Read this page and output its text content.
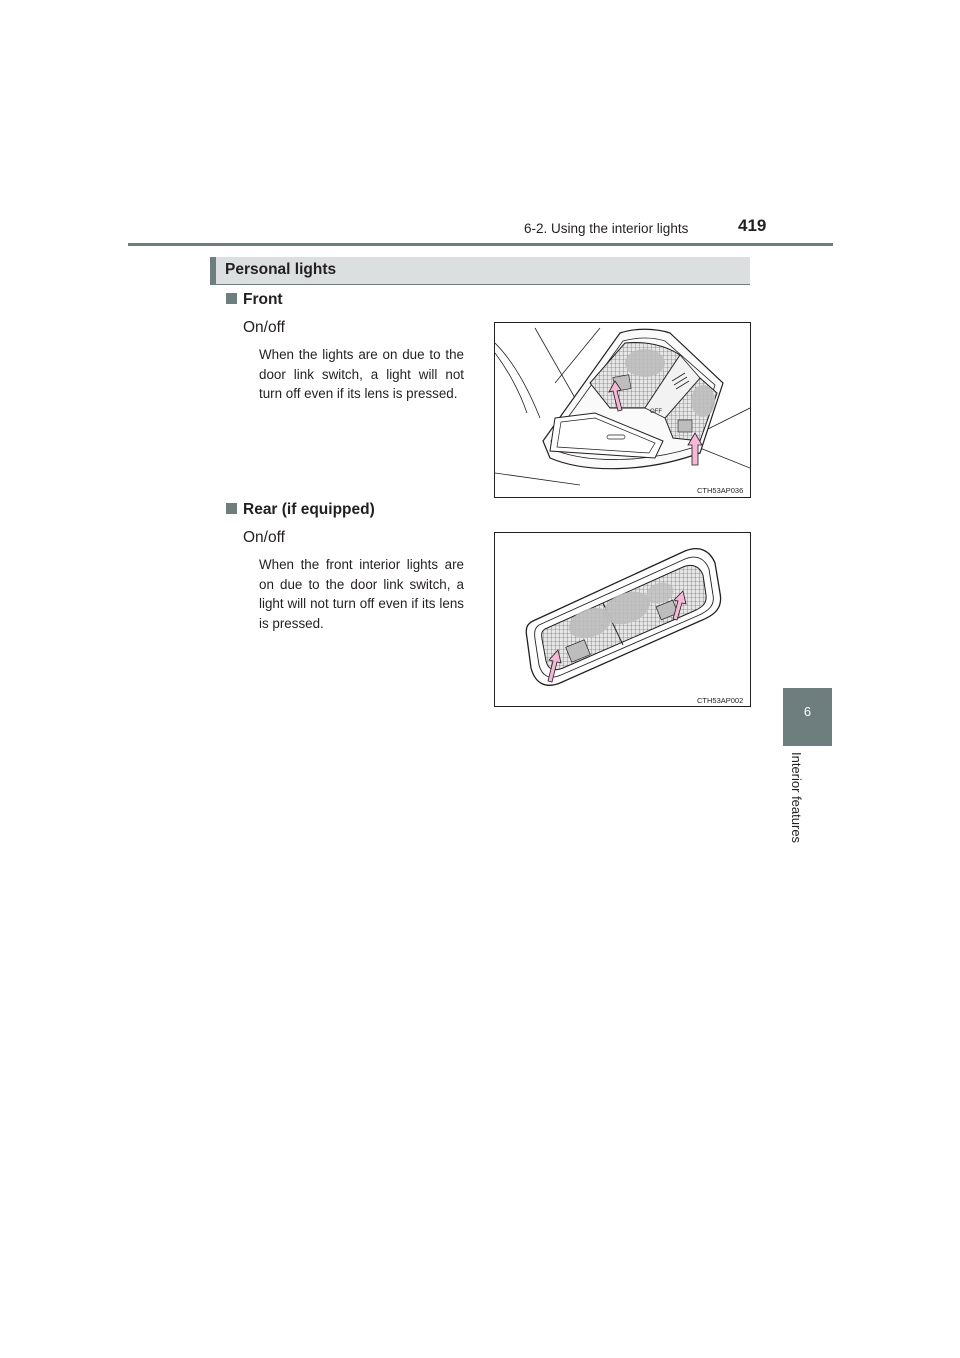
6-2. Using the interior lights	419
6
Interior features
Personal lights
Front
On/off
When the lights are on due to the door link switch, a light will not turn off even if its lens is pressed.
OFF
CTH53AP036
Rear (if equipped)
On/off
When the front interior lights are on due to the door link switch, a light will not turn off even if its lens is pressed.
CTH53AP002
